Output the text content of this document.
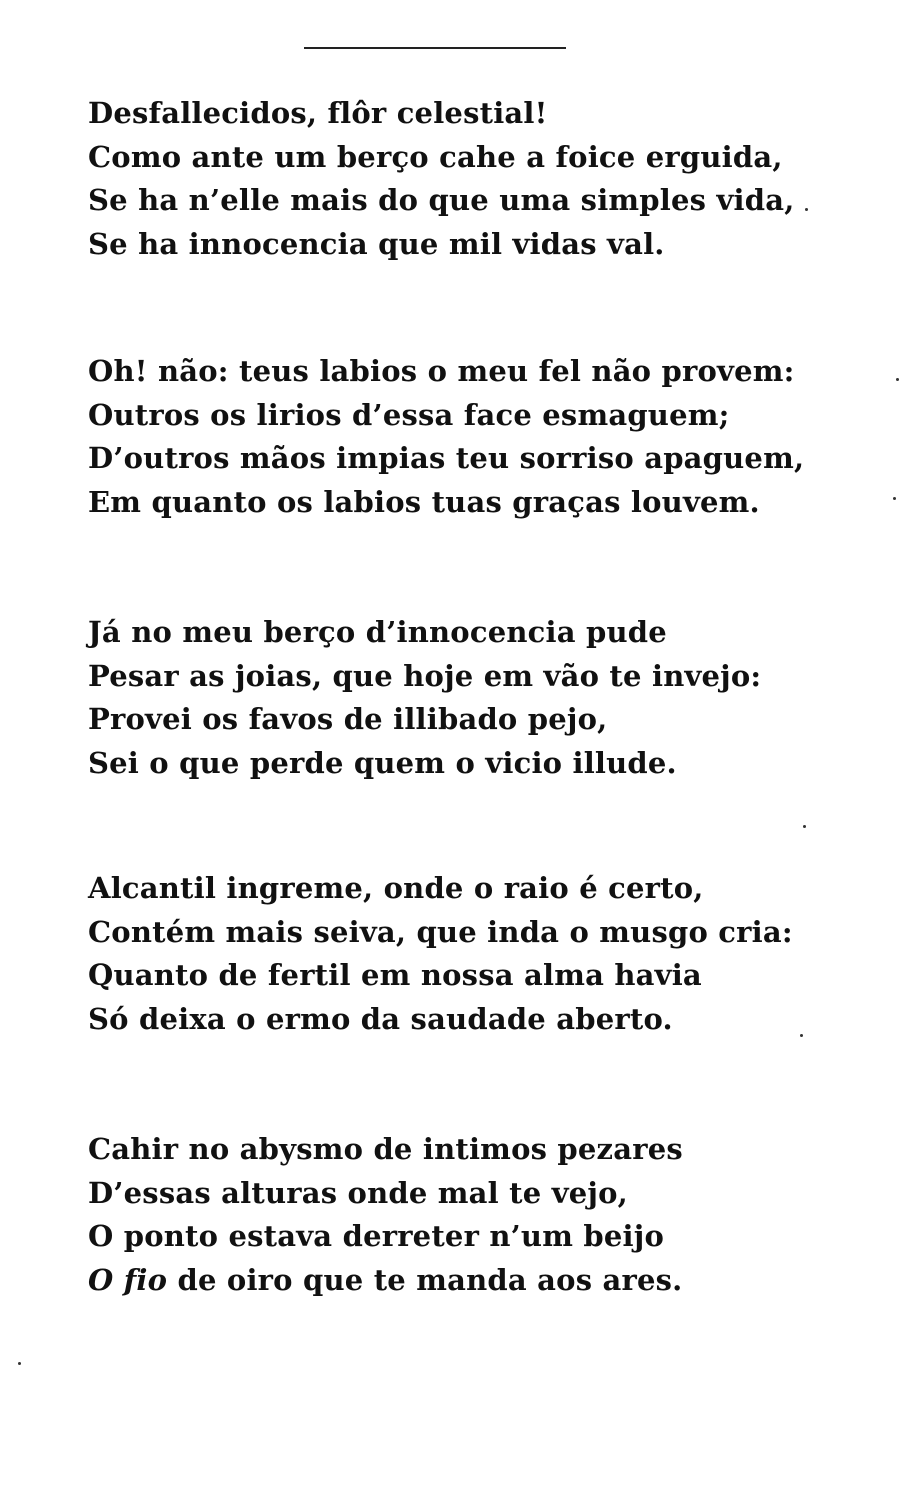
Desfallecidos, flôr celestial!
Como ante um berço cahe a foice erguida,
Se ha n’elle mais do que uma simples vida,
Se ha innocencia que mil vidas val.
Oh! não: teus labios o meu fel não provem:
Outros os lirios d’essa face esmaguem;
D’outros mãos impias teu sorriso apaguem,
Em quanto os labios tuas graças louvem.
Já no meu berço d’innocencia pude
Pesar as joias, que hoje em vão te invejo:
Provei os favos de illibado pejo,
Sei o que perde quem o vicio illude.
Alcantil ingreme, onde o raio é certo,
Contém mais seiva, que inda o musgo cria:
Quanto de fertil em nossa alma havia
Só deixa o ermo da saudade aberto.
Cahir no abysmo de intimos pezares
D’essas alturas onde mal te vejo,
O ponto estava derreter n’um beijo
O fio de oiro que te manda aos ares.
